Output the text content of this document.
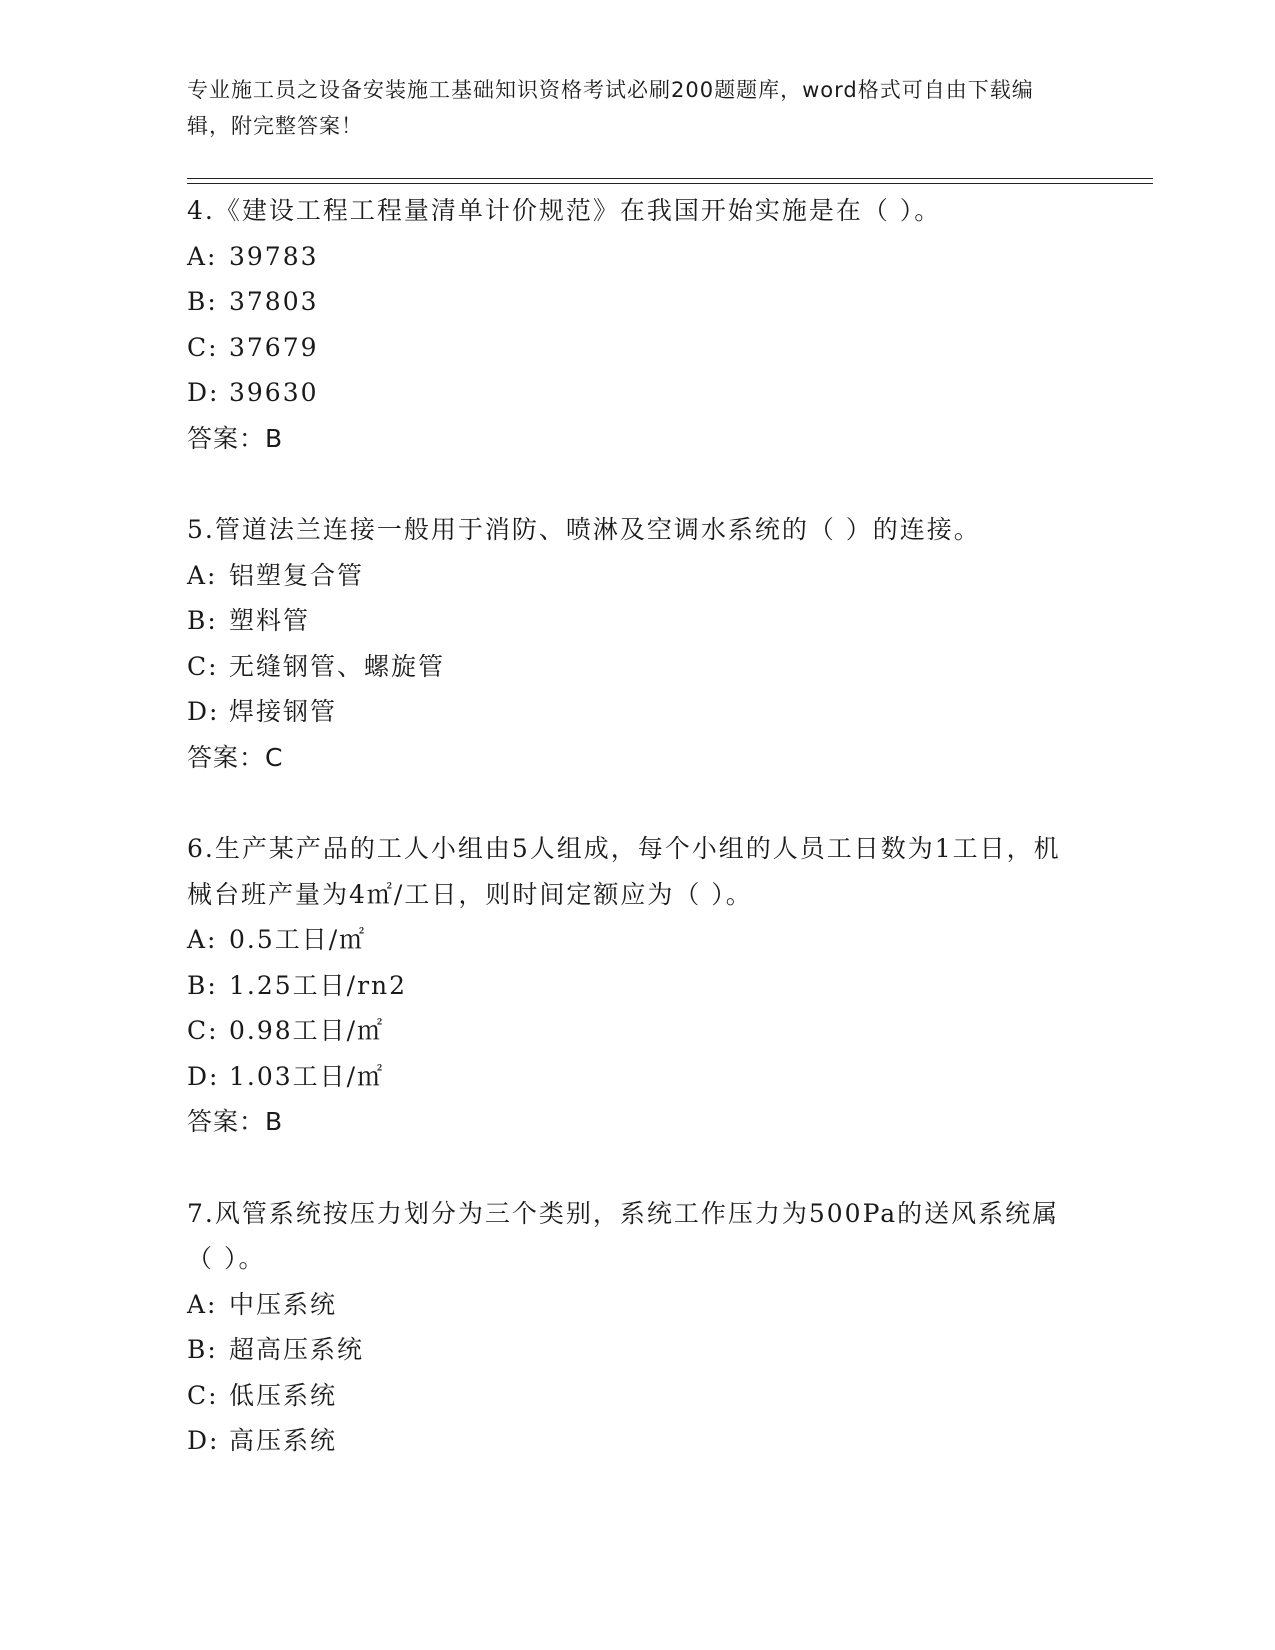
专业施工员之设备安装施工基础知识资格考试必刷200题题库，word格式可自由下载编辑，附完整答案！

4.《建设工程工程量清单计价规范》在我国开始实施是在（ ）。

A: 39783
B: 37803
C: 37679
D: 39630
答案：B

5.管道法兰连接一般用于消防、喷淋及空调水系统的（ ）的连接。

A: 铝塑复合管
B: 塑料管
C: 无缝钢管、螺旋管
D: 焊接钢管
答案：C

6.生产某产品的工人小组由5人组成，每个小组的人员工日数为1工日，机械台班产量为4㎡/工日，则时间定额应为（ ）。

A: 0.5工日/㎡
B: 1.25工日/rn2
C: 0.98工日/㎡
D: 1.03工日/㎡
答案：B

7.风管系统按压力划分为三个类别，系统工作压力为500Pa的送风系统属（ ）。

A: 中压系统
B: 超高压系统
C: 低压系统
D: 高压系统
